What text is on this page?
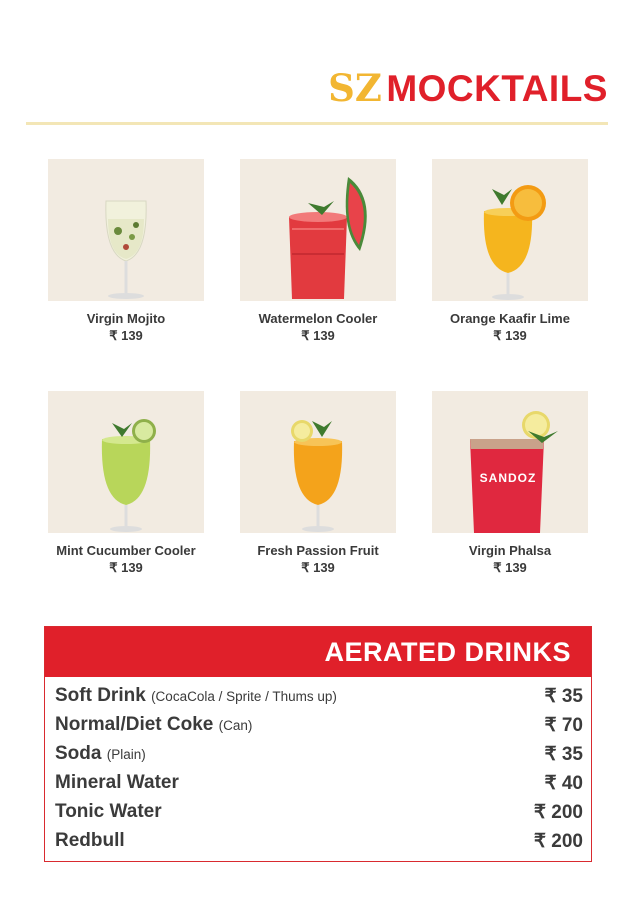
SZ MOCKTAILS
Virgin Mojito
₹ 139
Watermelon Cooler
₹ 139
Orange Kaafir Lime
₹ 139
Mint Cucumber Cooler
₹ 139
Fresh Passion Fruit
₹ 139
SANDOZ
Virgin Phalsa
₹ 139
AERATED DRINKS
Soft Drink (CocaCola / Sprite / Thums up)	₹ 35
Normal/Diet Coke (Can)	₹ 70
Soda (Plain)	₹ 35
Mineral Water	₹ 40
Tonic Water	₹ 200
Redbull	₹ 200
